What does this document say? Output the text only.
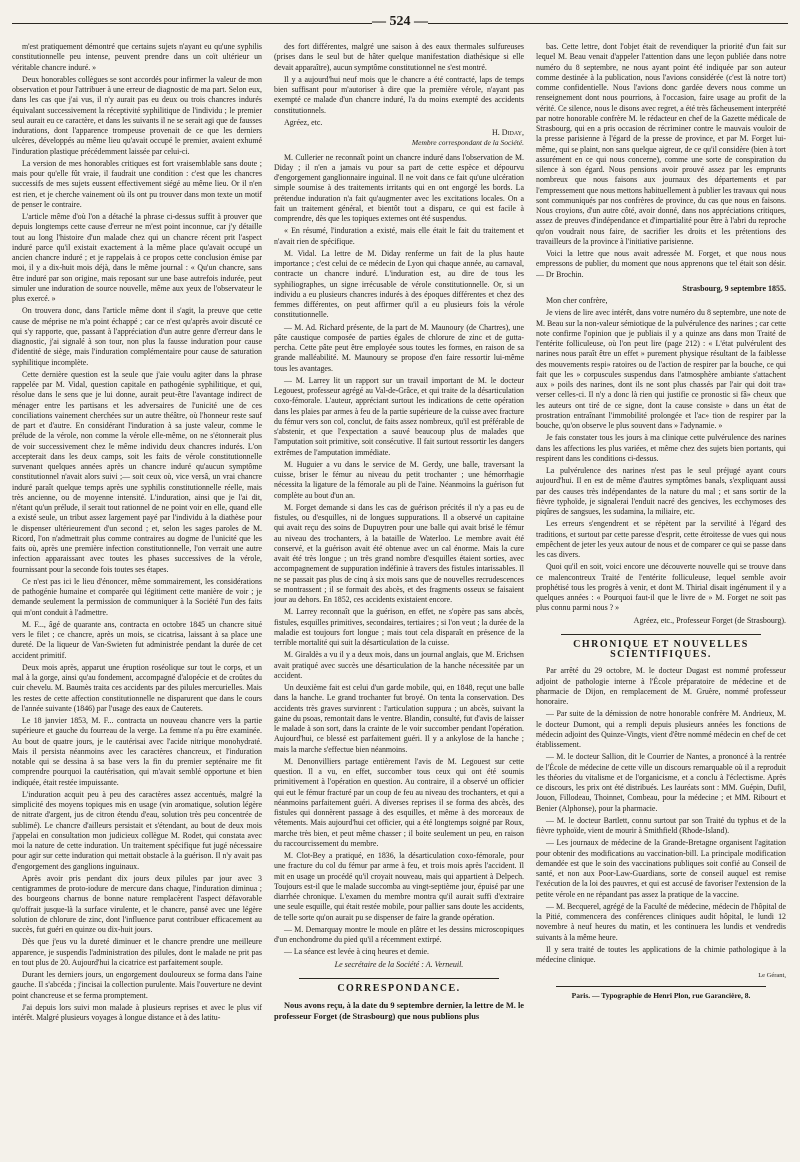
— 524 —

m'est pratiquement démontré que certains sujets n'ayant eu qu'une syphilis constitutionnelle peu intense, peuvent prendre dans un coït ultérieur un véritable chancre induré. »

Deux honorables collègues se sont accordés pour infirmer la valeur de mon observation et pour l'attribuer à une erreur de diagnostic de ma part. Selon eux, dans les cas que j'ai vus, il n'y aurait pas eu deux ou trois chancres indurés équivalant successivement la réceptivité syphilitique de l'individu ; le premier seul aurait eu ce caractère, et dans les suivants il ne se serait agi que de fausses indurations, dont l'apparence trompeuse provenait de ce que les derniers ulcères, développés au même lieu qu'avait occupé le premier, avaient exhumé l'induration plastique précédemment laissée par celui-ci.

La version de mes honorables critiques est fort vraisemblable sans doute ; mais pour qu'elle fût vraie, il faudrait une condition : c'est que les chancres successifs de mes sujets eussent effectivement siégé au même lieu. Or il n'en est rien, et je cherche vainement où ils ont pu trouver dans mon texte un motif de penser le contraire.

L'article même d'où l'on a détaché la phrase ci-dessus suffit à prouver que depuis longtemps cette cause d'erreur ne m'est point inconnue, car j'y détaille tout au long l'histoire d'un malade chez qui un chancre récent prit l'aspect induré parce qu'il existait exactement à la même place qu'avait occupé un ancien chancre induré ; et je rappelais à ce propos cette conclusion émise par moi, il y a dix-huit mois déjà, dans le même journal : « Qu'un chancre, sans être induré par son origine, mais reposant sur une base autrefois indurée, peut simuler une induration de source nouvelle, même aux yeux de l'observateur le plus exercé. »

On trouvera donc, dans l'article même dont il s'agit, la preuve que cette cause de méprise ne m'a point échappé ; car ce n'est qu'après avoir discuté ce qui s'y rapporte, que, passant à l'appréciation d'un autre genre d'erreur dans le diagnostic, j'ai signalé à son tour, non plus la fausse induration pour cause d'identité de siège, mais l'induration complémentaire pour cause de saturation syphilitique incomplète.

Cette dernière question est la seule que j'aie voulu agiter dans la phrase rappelée par M. Vidal, question capitale en pathogénie syphilitique, et qui, résolue dans le sens que je lui donne, aurait peut-être l'avantage indirect de ménager entre les partisans et les adversaires de l'unicité une de ces conciliations vainement cherchées sur un autre théâtre, où l'honneur reste sauf de part et d'autre. En considérant l'induration à sa juste valeur, comme le prélude de la vérole, non comme la vérole elle-même, on ne s'étonnerait plus de voir successivement chez le même individu deux chancres indurés. L'on accepterait dans les deux camps, soit les faits de vérole constitutionnelle survenant quelques années après un chancre induré qu'aucun symptôme constitutionnel n'avait alors suivi ;— soit ceux où, vice versâ, un vrai chancre induré paraît quelque temps après une syphilis constitutionnelle réelle, mais très ancienne, ou de moyenne intensité. L'induration, ainsi que je l'ai dit, n'étant qu'un prélude, il serait tout rationnel de ne point voir en elle, quand elle a existé seule, un tribut assez largement payé par l'individu à la diathèse pour le dispenser ultérieurement d'un second ; et, selon les sages paroles de M. Ricord, l'on n'admettrait plus comme contraires au dogme de l'unicité que les faits où, après une première infection constitutionnelle, l'on verrait une autre infection apparaissant avec toutes les phases successives de la vérole, fournissant pour la seconde fois toutes ses étapes.

Ce n'est pas ici le lieu d'énoncer, même sommairement, les considérations de pathogénie humaine et comparée qui légitiment cette manière de voir ; je demande seulement la permission de communiquer à la Société l'un des faits qui m'ont conduit à l'admettre.

M. F..., âgé de quarante ans, contracta en octobre 1845 un chancre situé vers le filet ; ce chancre, après un mois, se cicatrisa, laissant à sa place une dureté. De la liqueur de Van-Swieten fut administrée pendant la durée de cet accident primitif.

Deux mois après, apparut une éruption roséolique sur tout le corps, et un mal à la gorge, ainsi qu'au fondement, accompagné d'alopécie et de croûtes du cuir chevelu. M. Baumès traita ces accidents par des pilules mercurielles. Mais les restes de cette affection constitutionnelle ne disparurent que dans le cours de l'année suivante (1846) par l'usage des eaux de Cauterets.

Le 18 janvier 1853, M. F... contracta un nouveau chancre vers la partie supérieure et gauche du fourreau de la verge. La femme n'a pu être examinée. Au bout de quatre jours, je le cautérisai avec l'acide nitrique monohydraté. Mais il persista néanmoins avec les caractères chancreux, et l'induration notable qui se dessina à sa base vers la fin du premier septénaire me fit comprendre pourquoi la cautérisation, qui m'avait semblé opportune et bien indiquée, était restée impuissante.

L'induration acquit peu à peu des caractères assez accentués, malgré la simplicité des moyens topiques mis en usage (vin aromatique, solution légère de nitrate d'argent, jus de citron étendu d'eau, solution très peu concentrée de sublimé). Le chancre d'ailleurs persistait et s'étendant, au bout de deux mois j'appelai en consultation mon judicieux collègue M. Rodet, qui constata avec moi la nature de cette induration. Un traitement spécifique fut jugé nécessaire pour agir sur cette induration qui mettait obstacle à la guérison. Il n'y avait pas d'engorgement des ganglions inguinaux.

Après avoir pris pendant dix jours deux pilules par jour avec 3 centigrammes de proto-iodure de mercure dans chaque, l'induration diminua ; des bourgeons charnus de bonne nature remplacèrent l'aspect défavorable qu'offrait jusque-là la surface virulente, et le chancre, pansé avec une légère solution de chlorure de zinc, dont l'influence parut contribuer efficacement au succès, fut guéri en quinze ou dix-huit jours.

Dès que j'eus vu la dureté diminuer et le chancre prendre une meilleure apparence, je suspendis l'administration des pilules, dont le malade ne prit pas en tout plus de 20. Aujourd'hui la cicatrice est parfaitement souple.

Durant les derniers jours, un engorgement douloureux se forma dans l'aine gauche. Il s'abcéda ; j'incisai la collection purulente. Mais l'ouverture ne devint point chancreuse et se ferma promptement.

J'ai depuis lors suivi mon malade à plusieurs reprises et avec le plus vif intérêt. Malgré plusieurs voyages à longue distance et à des latitu-

des fort différentes, malgré une saison à des eaux thermales sulfureuses (prises dans le seul but de hâter quelque manifestation diathésique si elle devait apparaître), aucun symptôme constitutionnel ne s'est montré.

Il y a aujourd'hui neuf mois que le chancre a été contracté, laps de temps bien suffisant pour m'autoriser à dire que la première vérole, n'ayant pas exempté ce malade d'un chancre induré, l'a du moins exempté des accidents constitutionnels.

Agréez, etc.
H. Diday,
Membre correspondant de la Société.

M. Cullerier ne reconnaît point un chancre induré dans l'observation de M. Diday ; il n'en a jamais vu pour sa part de cette espèce et dépourvu d'engorgement ganglionnaire inguinal. Il ne voit dans ce fait qu'une ulcération simple soumise à des traitements irritants qui en ont engorgé les bords. La prétendue induration n'a fait qu'augmenter avec les excitations locales. On a fait un traitement général, et bientôt tout a disparu, ce qui est facile à comprendre, dès que les topiques externes ont été suspendus.

« En résumé, l'induration a existé, mais elle était le fait du traitement et n'avait rien de spécifique.

M. Vidal. La lettre de M. Diday renferme un fait de la plus haute importance ; c'est celui de ce médecin de Lyon qui chaque année, au carnaval, contracte un chancre induré. L'induration est, au dire de tous les syphiliographes, un signe irrécusable de vérole constitutionnelle. Or, si un individu a eu plusieurs chancres indurés à des époques différentes et chez des femmes différentes, on peut affirmer qu'il a eu plusieurs fois la vérole constitutionnelle.

— M. Ad. Richard présente, de la part de M. Maunoury (de Chartres), une pâte caustique composée de parties égales de chlorure de zinc et de gutta-percha. Cette pâte peut être employée sous toutes les formes, en raison de sa grande malléabilité. M. Maunoury se propose d'en faire ressortir lui-même tous les avantages.

— M. Larrey lit un rapport sur un travail important de M. le docteur Legouest, professeur agrégé au Val-de-Grâce, et qui traite de la désarticulation coxo-fémorale. L'auteur, appréciant surtout les indications de cette opération dans les plaies par armes à feu de la partie supérieure de la cuisse avec fracture du fémur vers son col, conclut, de faits assez nombreux, qu'il est préférable de s'abstenir, et que l'expectation a sauvé beaucoup plus de malades que l'amputation soit primitive, soit consécutive. Il fait surtout ressortir les dangers extrêmes de l'amputation immédiate.

M. Huguier a vu dans le service de M. Gerdy, une balle, traversant la cuisse, briser le fémur au niveau du petit trochanter ; une hémorrhagie nécessita la ligature de la fémorale au pli de l'aine. Néanmoins la guérison fut complète au bout d'un an.

M. Forget demande si dans les cas de guérison précités il n'y a pas eu de fistules, ou d'esquilles, ni de longues suppurations. Il a observé un capitaine qui avait reçu des soins de Dupuytren pour une balle qui avait brisé le fémur au niveau des trochanters, à la bataille de Waterloo. Le membre avait été conservé, et la guérison avait été obtenue avec un cal énorme. Mais la cure avait été très longue ; un très grand nombre d'esquilles étaient sorties, avec accompagnement de suppuration indéfinie à travers des fistules intarissables. Il ne se passait pas plus de cinq à six mois sans que de nouvelles recrudescences se montrassent ; il se formait des abcès, et des fragments osseux se faisaient jour au dehors. En 1852, ces accidents existaient encore.

M. Larrey reconnaît que la guérison, en effet, ne s'opère pas sans abcès, fistules, esquilles primitives, secondaires, tertiaires ; si l'on veut ; la durée de la maladie est toujours fort longue ; mais tout cela disparaît en présence de la terrible mortalité qui suit la désarticulation de la cuisse.

M. Giraldès a vu il y a deux mois, dans un journal anglais, que M. Erichsen avait pratiqué avec succès une désarticulation de la hanche nécessitée par un accident.

Un deuxième fait est celui d'un garde mobile, qui, en 1848, reçut une balle dans la hanche. Le grand trochanter fut broyé. On tenta la conservation. Des accidents très graves survinrent : l'articulation suppura ; un abcès, suivant la gaine du psoas, remontait dans le ventre. Blandin, consulté, fut d'avis de laisser le malade à son sort, dans la crainte de le voir succomber pendant l'opération. Aujourd'hui, ce blessé est parfaitement guéri. Il y a ankylose de la hanche ; mais la marche s'effectue bien néanmoins.

M. Denonvilliers partage entièrement l'avis de M. Legouest sur cette question. Il a vu, en effet, succomber tous ceux qui ont été soumis primitivement à l'opération en question. Au contraire, il a observé un officier qui eut le fémur fracturé par un coup de feu au niveau des trochanters, et qui a néanmoins parfaitement guéri. A diverses reprises il se forma des abcès, des fistules qui donnèrent passage à des esquilles, et même à des morceaux de vêtements. Mais aujourd'hui cet officier, qui a été longtemps soigné par Roux, marche très bien, et peut même chasser ; il boite seulement un peu, en raison du raccourcissement du membre.

M. Clot-Bey a pratiqué, en 1836, la désarticulation coxo-fémorale, pour une fracture du col du fémur par arme à feu, et trois mois après l'accident. Il mit en usage un procédé qu'il croyait nouveau, mais qui appartient à Delpech. Toujours est-il que le malade succomba au vingt-septième jour, épuisé par une diarrhée chronique. L'examen du membre montra qu'il aurait suffi d'extraire une seule esquille, qui était restée mobile, pour pallier sans doute les accidents, de telle sorte qu'on aurait pu se dispenser de faire la grande opération.

— M. Demarquay montre le moule en plâtre et les dessins microscopiques d'un enchondrome du pied qu'il a récemment extirpé.

— La séance est levée à cinq heures et demie.

Le secrétaire de la Société : A. Verneuil.
CORRESPONDANCE.

Nous avons reçu, à la date du 9 septembre dernier, la lettre de M. le professeur Forget (de Strasbourg) que nous publions plus

bas. Cette lettre, dont l'objet était de revendiquer la priorité d'un fait sur lequel M. Beau venait d'appeler l'attention dans une leçon publiée dans notre numéro du 8 septembre, ne nous ayant point été indiquée par son auteur comme destinée à la publication, nous l'avions considérée (c'est là notre tort) comme confidentielle. Nous l'avions donc gardée devers nous comme un renseignement dont nous pourrions, à l'occasion, faire usage au profit de la vérité. Ce silence, nous le disons avec regret, a été très fâcheusement interprété par notre honorable confrère M. le rédacteur en chef de la Gazette médicale de Strasbourg, qui en a pris occasion de récriminer contre le mauvais vouloir de la presse parisienne à l'égard de la presse de province, et par M. Forget lui-même, qui se plaint, non sans quelque aigreur, de ce qu'il considère (bien à tort assurément en ce qui nous concerne), comme une sorte de conspiration du silence à son égard. Nous pensions avoir prouvé assez par les emprunts nombreux que nous faisons aux journaux des départements et par l'empressement que nous mettons habituellement à publier les travaux qui nous sont communiqués par nos confrères de province, du cas que nous en faisons. Nous croyions, d'un autre côté, avoir donné, dans nos appréciations critiques, assez de preuves d'indépendance et d'impartialité pour être à l'abri du reproche qu'on voudrait nous faire, de sacrifier les droits et les prétentions des travailleurs de la province à l'initiative parisienne.

Voici la lettre que nous avait adressée M. Forget, et que nous nous empressons de publier, du moment que nous apprenons que tel était son désir. — Dr Brochin.

Strasbourg, 9 septembre 1855.
Mon cher confrère,

Je viens de lire avec intérêt, dans votre numéro du 8 septembre, une note de M. Beau sur la non-valeur sémiotique de la pulvérulence des narines ; car cette note confirme l'opinion que je publiais il y a quinze ans dans mon Traité de l'entérite folliculeuse, où l'on peut lire (page 212) : « L'état pulvérulent des narines nous paraît être un effet » purement physique résultant de la faiblesse des mouvements respi» ratoires ou de l'action de respirer par la bouche, ce qui fait que les » corpuscules suspendus dans l'atmosphère ambiante s'attachent aux » poils des narines, dont ils ne sont plus chassés par l'air qui doit tra» verser celles-ci. Il n'y a donc là rien qui justifie ce pronostic si fâ» cheux que les auteurs ont tiré de ce signe, dont la cause consiste » dans un état de prostration entraînant l'immobilité prolongée et l'ac» tion de respirer par la bouche, qu'on observe le plus souvent dans » l'adynamie. »

Je fais constater tous les jours à ma clinique cette pulvérulence des narines dans les affections les plus variées, et même chez des sujets bien portants, qui respirent dans les conditions ci-dessus.

La pulvérulence des narines n'est pas le seul préjugé ayant cours aujourd'hui. Il en est de même d'autres symptômes banals, s'expliquant aussi par des causes très indépendantes de la nature du mal ; et sans sortir de la fièvre typhoïde, je signalerai l'enduit nacré des gencives, les ecchymoses des piqûres de sangsues, les sudamina, la miliaire, etc.

Les erreurs s'engendrent et se répètent par la servilité à l'égard des traditions, et surtout par cette paresse d'esprit, cette étroitesse de vues qui nous empêchent de jeter les yeux autour de nous et de comparer ce qui se passe dans les cas divers.

Quoi qu'il en soit, voici encore une découverte nouvelle qui se trouve dans ce malencontreux Traité de l'entérite folliculeuse, lequel semble avoir prophétisé tous les progrès à venir, et dont M. Thirial disait ingénument il y a quelques années : « Pourquoi faut-il que le livre de » M. Forget ne soit pas plus connu parmi nous ? »

Agréez, etc., Professeur Forget (de Strasbourg).
CHRONIQUE ET NOUVELLES SCIENTIFIQUES.

Par arrêté du 29 octobre, M. le docteur Dugast est nommé professeur adjoint de pathologie interne à l'École préparatoire de médecine et de pharmacie de Dijon, en remplacement de M. Gruère, nommé professeur honoraire.

— Par suite de la démission de notre honorable confrère M. Andrieux, M. le docteur Dumont, qui a rempli depuis plusieurs années les fonctions de médecin adjoint des Quinze-Vingts, vient d'être nommé médecin en chef de cet établissement.

— M. le docteur Sallion, dit le Courrier de Nantes, a prononcé à la rentrée de l'École de médecine de cette ville un discours remarquable où il a reproduit les théories du vitalisme et de l'organicisme, et a conclu à l'éclectisme. Après ce discours, les prix ont été distribués. Les lauréats sont : MM. Guépin, Dufil, Jouon, Fillodeau, Thoinnet, Combeau, pour la médecine ; et MM. Ribourt et Benier (Alphonse), pour la pharmacie.

— M. le docteur Bartlett, connu surtout par son Traité du typhus et de la fièvre typhoïde, vient de mourir à Smithfield (Rhode-Island).

— Les journaux de médecine de la Grande-Bretagne organisent l'agitation pour obtenir des modifications au vaccination-bill. La principale modification demandée est que le soin des vaccinations publiques soit confié au Conseil de santé, et non aux Poor-Law-Guardians, sorte de conseil auquel est remise l'exécution de la loi des pauvres, et qui est accusé de favoriser l'extension de la petite vérole en ne répandant pas assez la pratique de la vaccine.

— M. Becquerel, agrégé de la Faculté de médecine, médecin de l'hôpital de la Pitié, commencera des conférences cliniques audit hôpital, le lundi 12 novembre à neuf heures du matin, et les continuera les lundis et vendredis suivants à la même heure.

Il y sera traité de toutes les applications de la chimie pathologique à la médecine clinique.

Le Gérant,
Paris. — Typographie de Henri Plon, rue Garancière, 8.
